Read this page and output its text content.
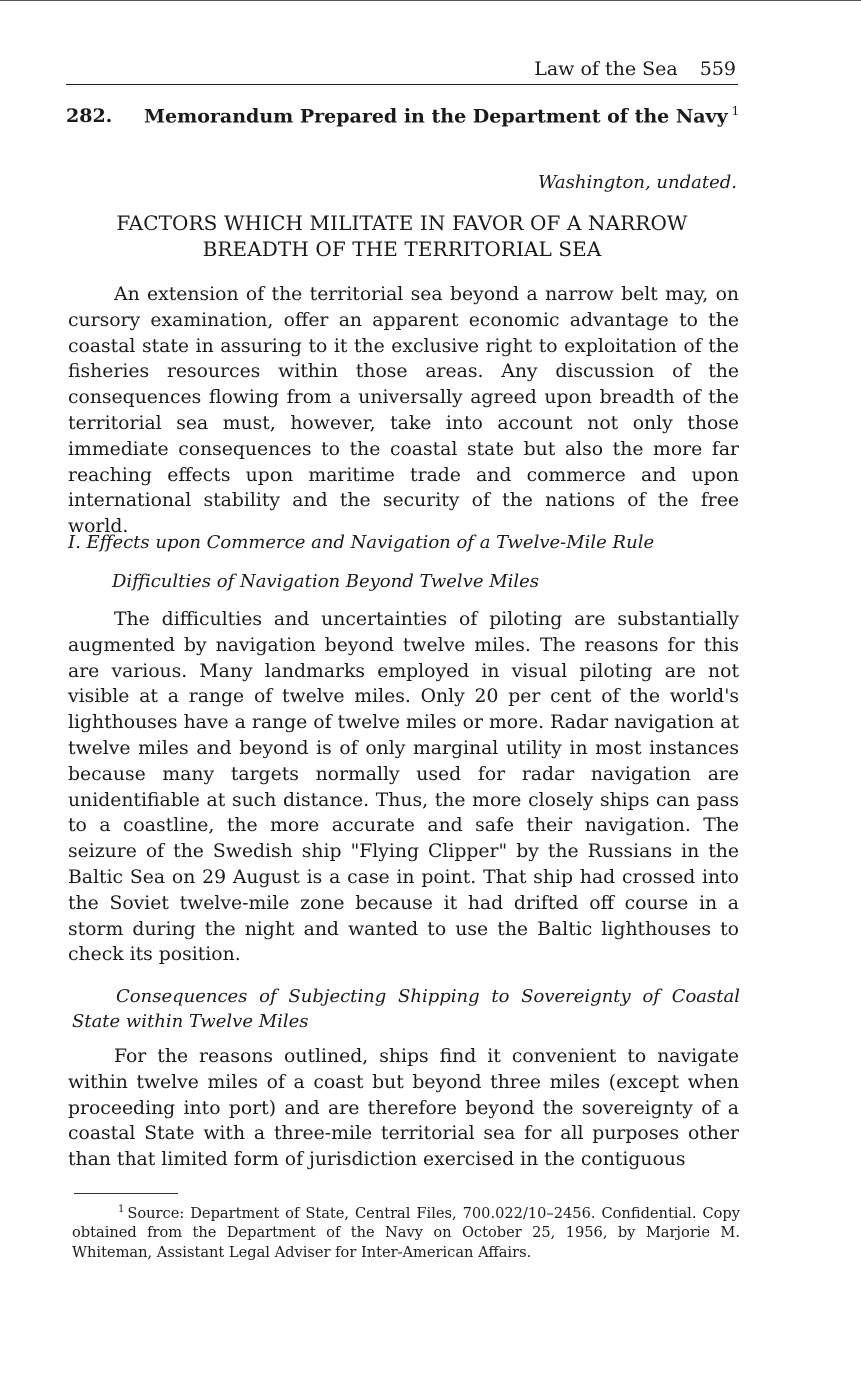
Law of the Sea 559
282. Memorandum Prepared in the Department of the Navy $^1$
Washington, undated.
FACTORS WHICH MILITATE IN FAVOR OF A NARROW BREADTH OF THE TERRITORIAL SEA

An extension of the territorial sea beyond a narrow belt may, on cursory examination, offer an apparent economic advantage to the coastal state in assuring to it the exclusive right to exploitation of the fisheries resources within those areas. Any discussion of the consequences flowing from a universally agreed upon breadth of the territorial sea must, however, take into account not only those immediate consequences to the coastal state but also the more far reaching effects upon maritime trade and commerce and upon international stability and the security of the nations of the free world.

I. Effects upon Commerce and Navigation of a Twelve-Mile Rule
Difficulties of Navigation Beyond Twelve Miles

The difficulties and uncertainties of piloting are substantially augmented by navigation beyond twelve miles. The reasons for this are various. Many landmarks employed in visual piloting are not visible at a range of twelve miles. Only 20 per cent of the world's lighthouses have a range of twelve miles or more. Radar navigation at twelve miles and beyond is of only marginal utility in most instances because many targets normally used for radar navigation are unidentifiable at such distance. Thus, the more closely ships can pass to a coastline, the more accurate and safe their navigation. The seizure of the Swedish ship "Flying Clipper" by the Russians in the Baltic Sea on 29 August is a case in point. That ship had crossed into the Soviet twelve-mile zone because it had drifted off course in a storm during the night and wanted to use the Baltic lighthouses to check its position.

Consequences of Subjecting Shipping to Sovereignty of Coastal State within Twelve Miles

For the reasons outlined, ships find it convenient to navigate within twelve miles of a coast but beyond three miles (except when proceeding into port) and are therefore beyond the sovereignty of a coastal State with a three-mile territorial sea for all purposes other than that limited form of jurisdiction exercised in the contiguous

$^1$ Source: Department of State, Central Files, 700.022/10–2456. Confidential. Copy obtained from the Department of the Navy on October 25, 1956, by Marjorie M. Whiteman, Assistant Legal Adviser for Inter-American Affairs.
